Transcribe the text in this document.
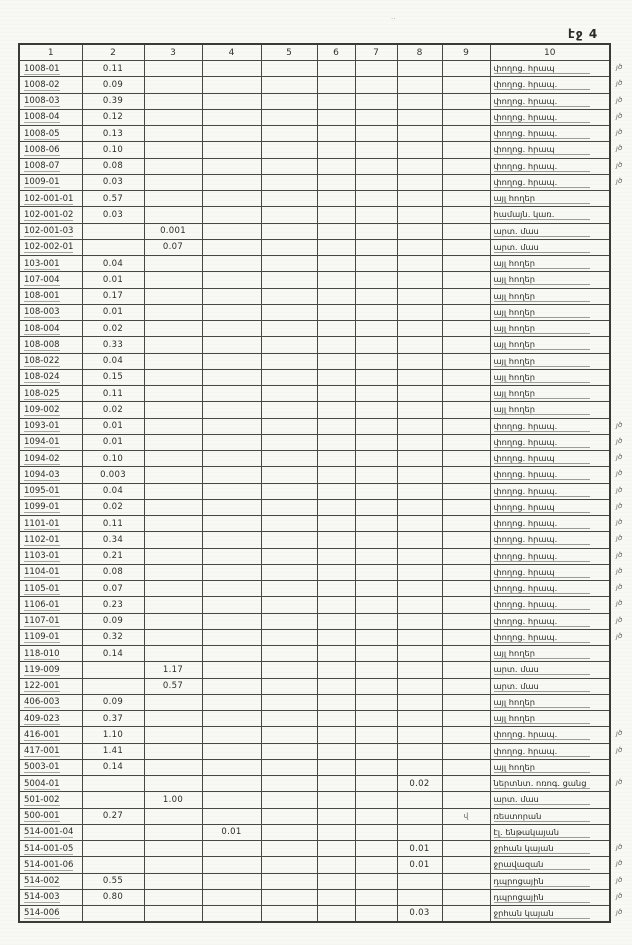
··
էջ 4
1	2	3	4	5	6	7	8	9	10
1008-01	0.11								փողոց. հրապ
1008-02	0.09								փողոց. հրապ.
1008-03	0.39								փողոց. հրապ.
1008-04	0.12								փողոց. հրապ.
1008-05	0.13								փողոց. հրապ.
1008-06	0.10								փողոց. հրապ
1008-07	0.08								փողոց. հրապ.
1009-01	0.03								փողոց. հրապ.
102-001-01	0.57								այլ հողեր
102-001-02	0.03								համայն. կառ.
102-001-03		0.001							արտ. մաս
102-002-01		0.07							արտ. մաս
103-001	0.04								այլ հողեր
107-004	0.01								այլ հողեր
108-001	0.17								այլ հողեր
108-003	0.01								այլ հողեր
108-004	0.02								այլ հողեր
108-008	0.33								այլ հողեր
108-022	0.04								այլ հողեր
108-024	0.15								այլ հողեր
108-025	0.11								այլ հողեր
109-002	0.02								այլ հողեր
1093-01	0.01								փողոց. հրապ.
1094-01	0.01								փողոց. հրապ.
1094-02	0.10								փողոց. հրապ
1094-03	0.003								փողոց. հրապ.
1095-01	0.04								փողոց. հրապ.
1099-01	0.02								փողոց. հրապ
1101-01	0.11								փողոց. հրապ.
1102-01	0.34								փողոց. հրապ.
1103-01	0.21								փողոց. հրապ.
1104-01	0.08								փողոց. հրապ
1105-01	0.07								փողոց. հրապ.
1106-01	0.23								փողոց. հրապ.
1107-01	0.09								փողոց. հրապ.
1109-01	0.32								փողոց. հրապ.
118-010	0.14								այլ հողեր
119-009		1.17							արտ. մաս
122-001		0.57							արտ. մաս
406-003	0.09								այլ հողեր
409-023	0.37								այլ հողեր
416-001	1.10								փողոց. հրապ.
417-001	1.41								փողոց. հրապ.
5003-01	0.14								այլ հողեր
5004-01							0.02		ներտնտ. ոռոգ. ցանց
501-002		1.00							արտ. մաս
500-001	0.27							վ	ռեստորան
514-001-04			0.01						էլ. ենթակայան
514-001-05							0.01		ջրհան կայան
514-001-06							0.01		ջրավազան
514-002	0.55								դպրոցային
514-003	0.80								դպրոցային
514-006							0.03		ջրհան կայան
յծ
յծ
յծ
յծ
յծ
յծ
յծ
յծ
յծ
յծ
յծ
յծ
յծ
յծ
յծ
յծ
յծ
յծ
յծ
յծ
յծ
յծ
յծ
յծ
յծ
յծ
յծ
յծ
յծ
յծ
